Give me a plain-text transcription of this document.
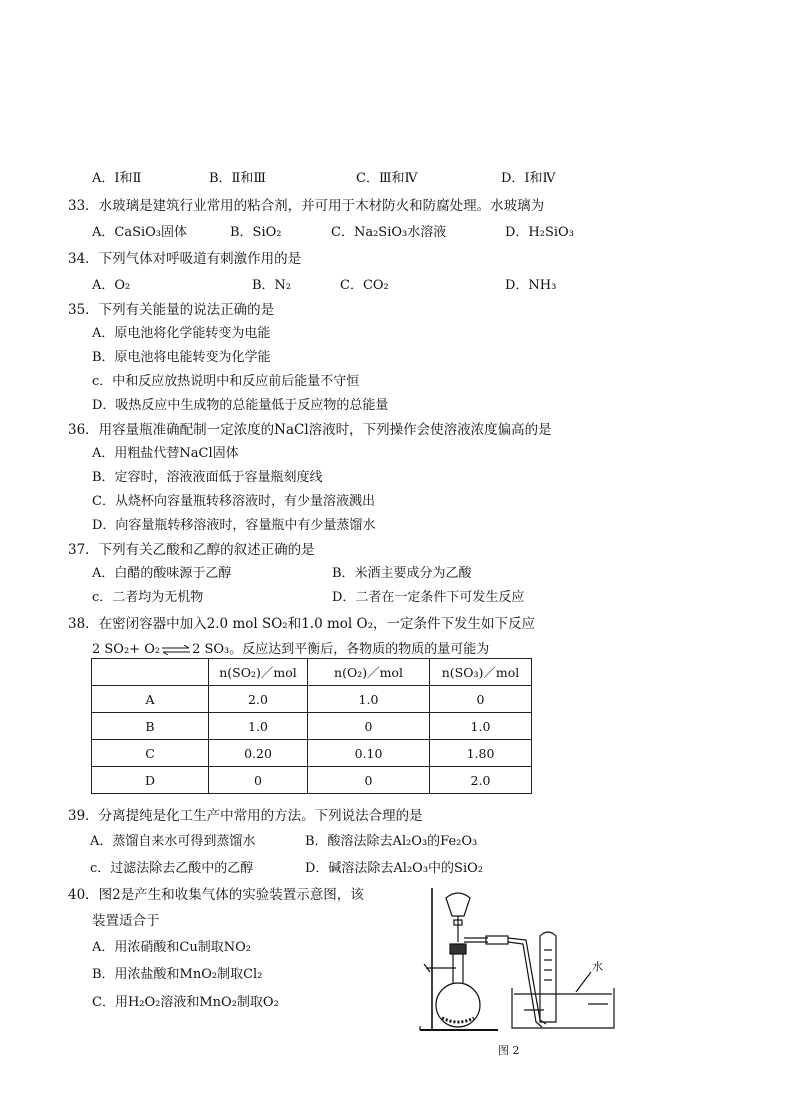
A．Ⅰ和Ⅱ	B．Ⅱ和Ⅲ	C．Ⅲ和Ⅳ	D．Ⅰ和Ⅳ
33．水玻璃是建筑行业常用的粘合剂，并可用于木材防火和防腐处理。水玻璃为
A．CaSiO₃固体	B．SiO₂	C．Na₂SiO₃水溶液	D．H₂SiO₃
34．下列气体对呼吸道有刺激作用的是
A．O₂	B．N₂	C．CO₂	D．NH₃
35．下列有关能量的说法正确的是
A．原电池将化学能转变为电能
B．原电池将电能转变为化学能
c．中和反应放热说明中和反应前后能量不守恒
D．吸热反应中生成物的总能量低于反应物的总能量
36．用容量瓶准确配制一定浓度的NaCl溶液时，下列操作会使溶液浓度偏高的是
A．用粗盐代替NaCl固体
B．定容时，溶液液面低于容量瓶刻度线
C．从烧杯向容量瓶转移溶液时，有少量溶液溅出
D．向容量瓶转移溶液时，容量瓶中有少量蒸馏水
37．下列有关乙酸和乙醇的叙述正确的是
A．白醋的酸味源于乙醇	B．米酒主要成分为乙酸
c．二者均为无机物	D．二者在一定条件下可发生反应
38．在密闭容器中加入2.0 mol SO₂和1.0 mol O₂，一定条件下发生如下反应
2 SO₂+ O₂⇌2 SO₃。反应达到平衡后，各物质的物质的量可能为
	n(SO₂)／mol	n(O₂)／mol	n(SO₃)／mol
A	2.0	1.0	0
B	1.0	0	1.0
C	0.20	0.10	1.80
D	0	0	2.0
39．分离提纯是化工生产中常用的方法。下列说法合理的是
A．蒸馏自来水可得到蒸馏水	B．酸溶法除去Al₂O₃的Fe₂O₃
c．过滤法除去乙酸中的乙醇	D．碱溶法除去Al₂O₃中的SiO₂
40．图2是产生和收集气体的实验装置示意图，该
装置适合于
A．用浓硝酸和Cu制取NO₂
B．用浓盐酸和MnO₂制取Cl₂
C．用H₂O₂溶液和MnO₂制取O₂
水
图 2
